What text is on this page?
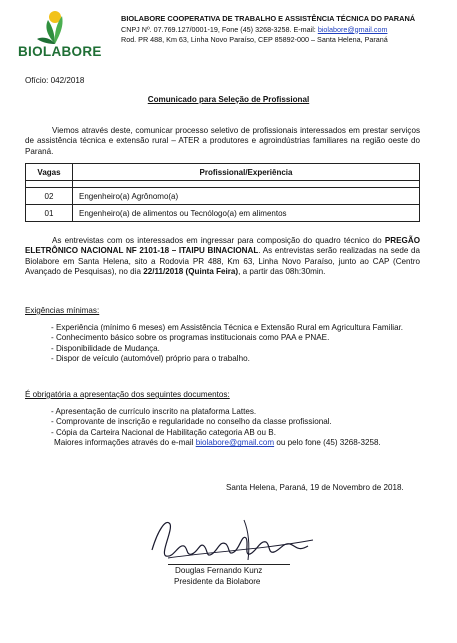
BIOLABORE
BIOLABORE COOPERATIVA DE TRABALHO E ASSISTÊNCIA TÉCNICA DO PARANÁ
CNPJ Nº. 07.769.127/0001-19, Fone (45) 3268-3258. E-mail: biolabore@gmail.com
Rod. PR 488, Km 63, Linha Novo Paraíso, CEP 85892-000 – Santa Helena, Paraná
Ofício: 042/2018
Comunicado para Seleção de Profissional
Viemos através deste, comunicar processo seletivo de profissionais interessados em prestar serviços de assistência técnica e extensão rural – ATER a produtores e agroindústrias familiares na região oeste do Paraná.
Vagas	Profissional/Experiência

02	Engenheiro(a) Agrônomo(a)
01	Engenheiro(a) de alimentos ou Tecnólogo(a) em alimentos
As entrevistas com os interessados em ingressar para composição do quadro técnico do PREGÃO ELETRÔNICO NACIONAL NF 2101-18 – ITAIPU BINACIONAL. As entrevistas serão realizadas na sede da Biolabore em Santa Helena, sito a Rodovia PR 488, Km 63, Linha Novo Paraíso, junto ao CAP (Centro Avançado de Pesquisas), no dia 22/11/2018 (Quinta Feira), a partir das 08h:30min.
Exigências mínimas:
- Experiência (mínimo 6 meses) em Assistência Técnica e Extensão Rural em Agricultura Familiar.
- Conhecimento básico sobre os programas institucionais como PAA e PNAE.
- Disponibilidade de Mudança.
- Dispor de veículo (automóvel) próprio para o trabalho.
É obrigatória a apresentação dos seguintes documentos:
- Apresentação de currículo inscrito na plataforma Lattes.
- Comprovante de inscrição e regularidade no conselho da classe profissional.
- Cópia da Carteira Nacional de Habilitação categoria AB ou B.
Maiores informações através do e-mail biolabore@gmail.com ou pelo fone (45) 3268-3258.
Santa Helena, Paraná, 19 de Novembro de 2018.
Douglas Fernando Kunz
Presidente da Biolabore
